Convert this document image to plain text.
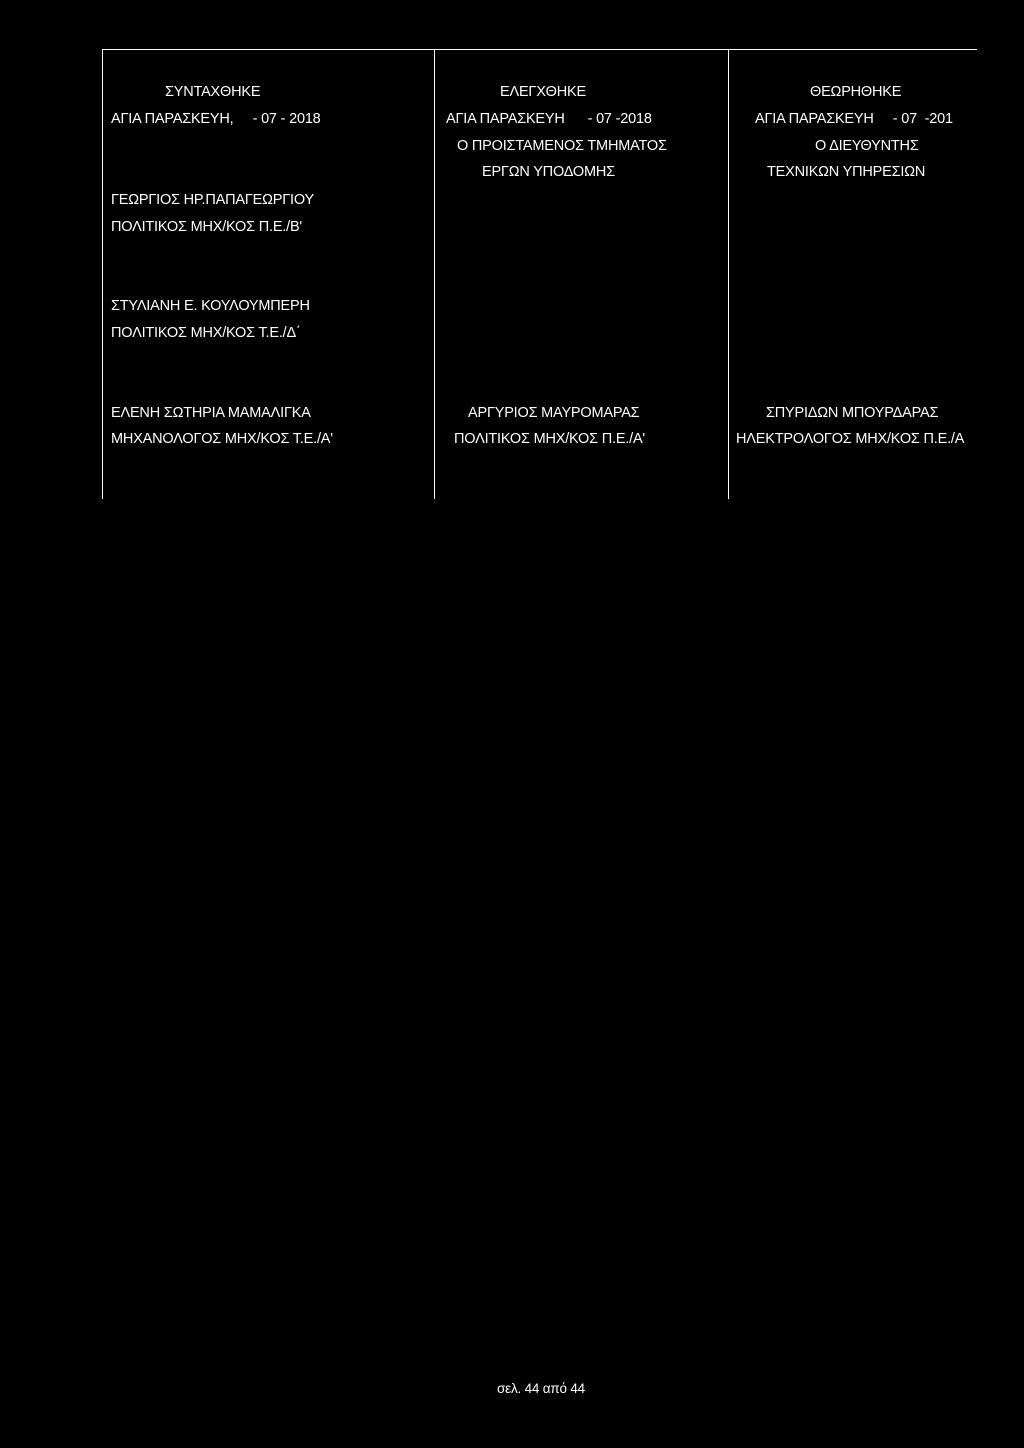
ΣΥΝΤΑΧΘΗΚΕ
ΑΓΙΑ ΠΑΡΑΣΚΕΥΗ,     - 07 - 2018
ΓΕΩΡΓΙΟΣ ΗΡ.ΠΑΠΑΓΕΩΡΓΙΟΥ
ΠΟΛΙΤΙΚΟΣ ΜΗΧ/ΚΟΣ Π.Ε./Β'
ΣΤΥΛΙΑΝΗ Ε. ΚΟΥΛΟΥΜΠΕΡΗ
ΠΟΛΙΤΙΚΟΣ ΜΗΧ/ΚΟΣ Τ.Ε./Δ΄
ΕΛΕΝΗ ΣΩΤΗΡΙΑ ΜΑΜΑΛΙΓΚΑ
ΜΗΧΑΝΟΛΟΓΟΣ ΜΗΧ/ΚΟΣ Τ.Ε./Α'
ΕΛΕΓΧΘΗΚΕ
ΑΓΙΑ ΠΑΡΑΣΚΕΥΗ      - 07 -2018
Ο ΠΡΟΙΣΤΑΜΕΝΟΣ ΤΜΗΜΑΤΟΣ
ΕΡΓΩΝ ΥΠΟΔΟΜΗΣ
ΑΡΓΥΡΙΟΣ ΜΑΥΡΟΜΑΡΑΣ
ΠΟΛΙΤΙΚΟΣ ΜΗΧ/ΚΟΣ Π.Ε./Α'
ΘΕΩΡΗΘΗΚΕ
ΑΓΙΑ ΠΑΡΑΣΚΕΥΗ     - 07  -201
Ο ΔΙΕΥΘΥΝΤΗΣ
ΤΕΧΝΙΚΩΝ ΥΠΗΡΕΣΙΩΝ
ΣΠΥΡΙΔΩΝ ΜΠΟΥΡΔΑΡΑΣ
ΗΛΕΚΤΡΟΛΟΓΟΣ ΜΗΧ/ΚΟΣ Π.Ε./Α
σελ. 44 από 44
